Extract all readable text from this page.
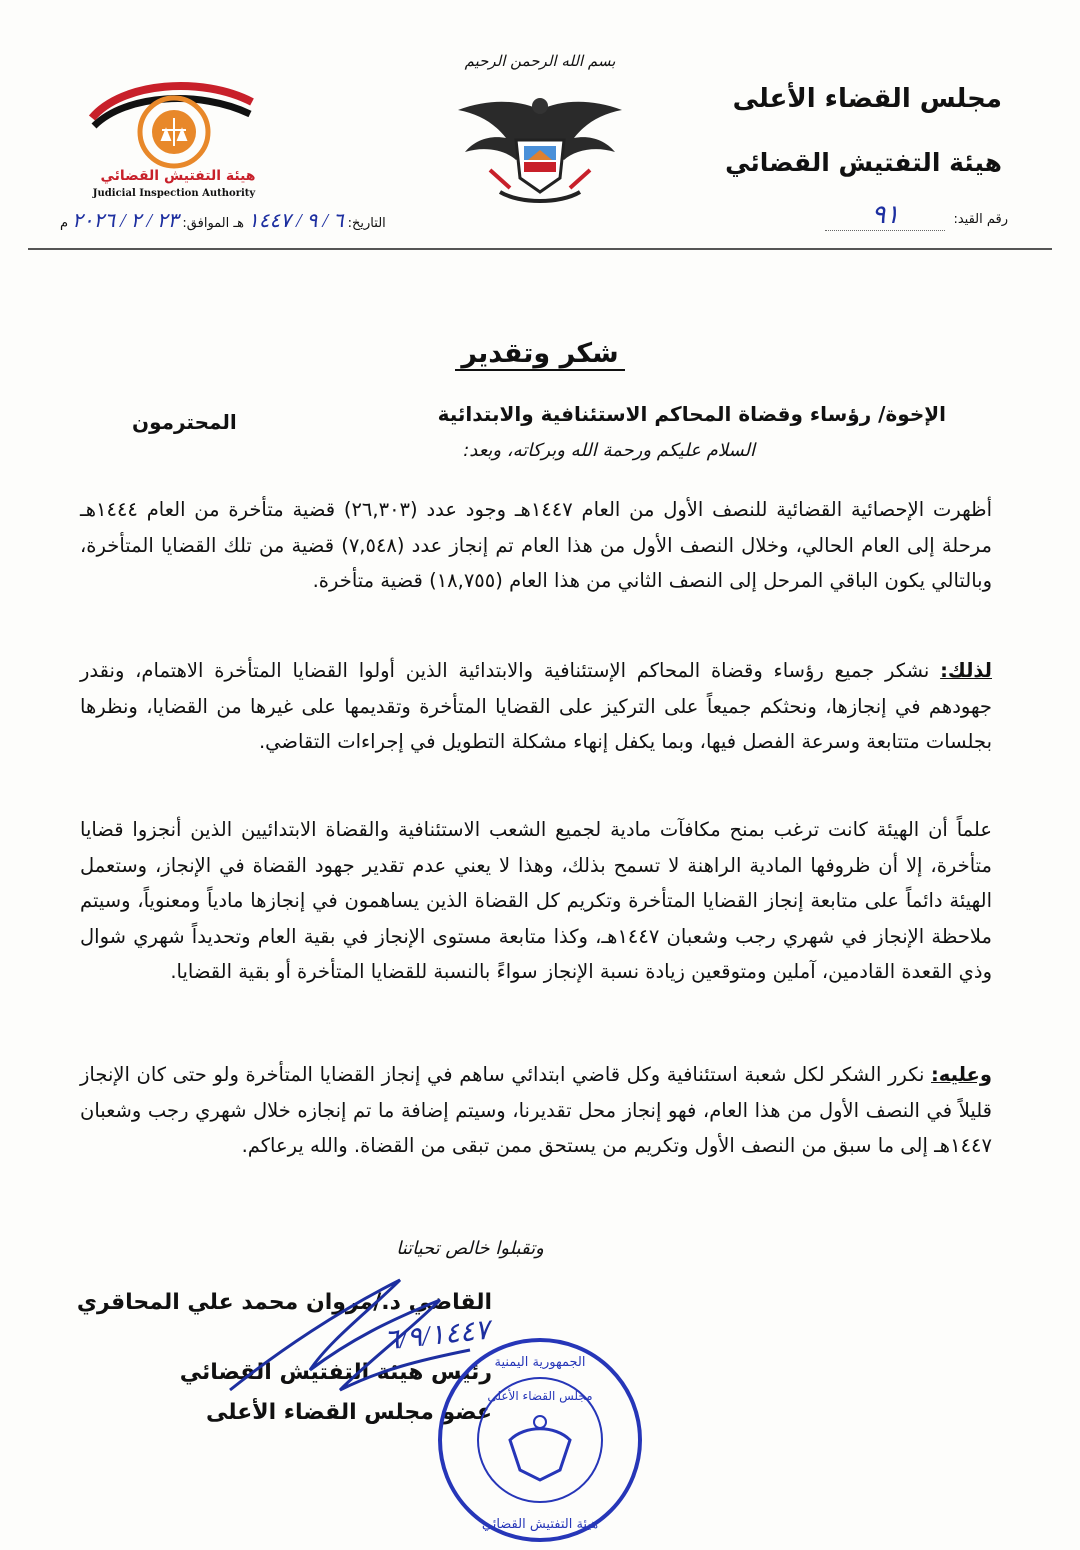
مجلس القضاء الأعلى
هيئة التفتيش القضائي
رقم القيد:
٩١
بسم الله الرحمن الرحيم
هيئة التفتيش القضائي
Judicial Inspection Authority
التاريخ:
٦ / ٩ / ١٤٤٧
هـ الموافق:
٢٣ / ٢ / ٢٠٢٦
م
شكر وتقدير
الإخوة/ رؤساء وقضاة المحاكم الاستئنافية والابتدائية
المحترمون
السلام عليكم ورحمة الله وبركاته، وبعد:
أظهرت الإحصائية القضائية للنصف الأول من العام ١٤٤٧هـ وجود عدد (٢٦,٣٠٣) قضية متأخرة من العام ١٤٤٤هـ مرحلة إلى العام الحالي، وخلال النصف الأول من هذا العام تم إنجاز عدد (٧,٥٤٨) قضية من تلك القضايا المتأخرة، وبالتالي يكون الباقي المرحل إلى النصف الثاني من هذا العام (١٨,٧٥٥) قضية متأخرة.
لذلك: نشكر جميع رؤساء وقضاة المحاكم الإستئنافية والابتدائية الذين أولوا القضايا المتأخرة الاهتمام، ونقدر جهودهم في إنجازها، ونحثكم جميعاً على التركيز على القضايا المتأخرة وتقديمها على غيرها من القضايا، ونظرها بجلسات متتابعة وسرعة الفصل فيها، وبما يكفل إنهاء مشكلة التطويل في إجراءات التقاضي.
علماً أن الهيئة كانت ترغب بمنح مكافآت مادية لجميع الشعب الاستئنافية والقضاة الابتدائيين الذين أنجزوا قضايا متأخرة، إلا أن ظروفها المادية الراهنة لا تسمح بذلك، وهذا لا يعني عدم تقدير جهود القضاة في الإنجاز، وستعمل الهيئة دائماً على متابعة إنجاز القضايا المتأخرة وتكريم كل القضاة الذين يساهمون في إنجازها مادياً ومعنوياً، وسيتم ملاحظة الإنجاز في شهري رجب وشعبان ١٤٤٧هـ، وكذا متابعة مستوى الإنجاز في بقية العام وتحديداً شهري شوال وذي القعدة القادمين، آملين ومتوقعين زيادة نسبة الإنجاز سواءً بالنسبة للقضايا المتأخرة أو بقية القضايا.
وعليه: نكرر الشكر لكل شعبة استئنافية وكل قاضي ابتدائي ساهم في إنجاز القضايا المتأخرة ولو حتى كان الإنجاز قليلاً في النصف الأول من هذا العام، فهو إنجاز محل تقديرنا، وسيتم إضافة ما تم إنجازه خلال شهري رجب وشعبان ١٤٤٧هـ إلى ما سبق من النصف الأول وتكريم من يستحق ممن تبقى من القضاة. والله يرعاكم.
وتقبلوا خالص تحياتنا
القاضي د./مروان محمد علي المحاقري
رئيس هيئة التفتيش القضائي
عضو مجلس القضاء الأعلى
٦/٩/١٤٤٧
الجمهورية اليمنية
مجلس القضاء الأعلى
هيئة التفتيش القضائي
